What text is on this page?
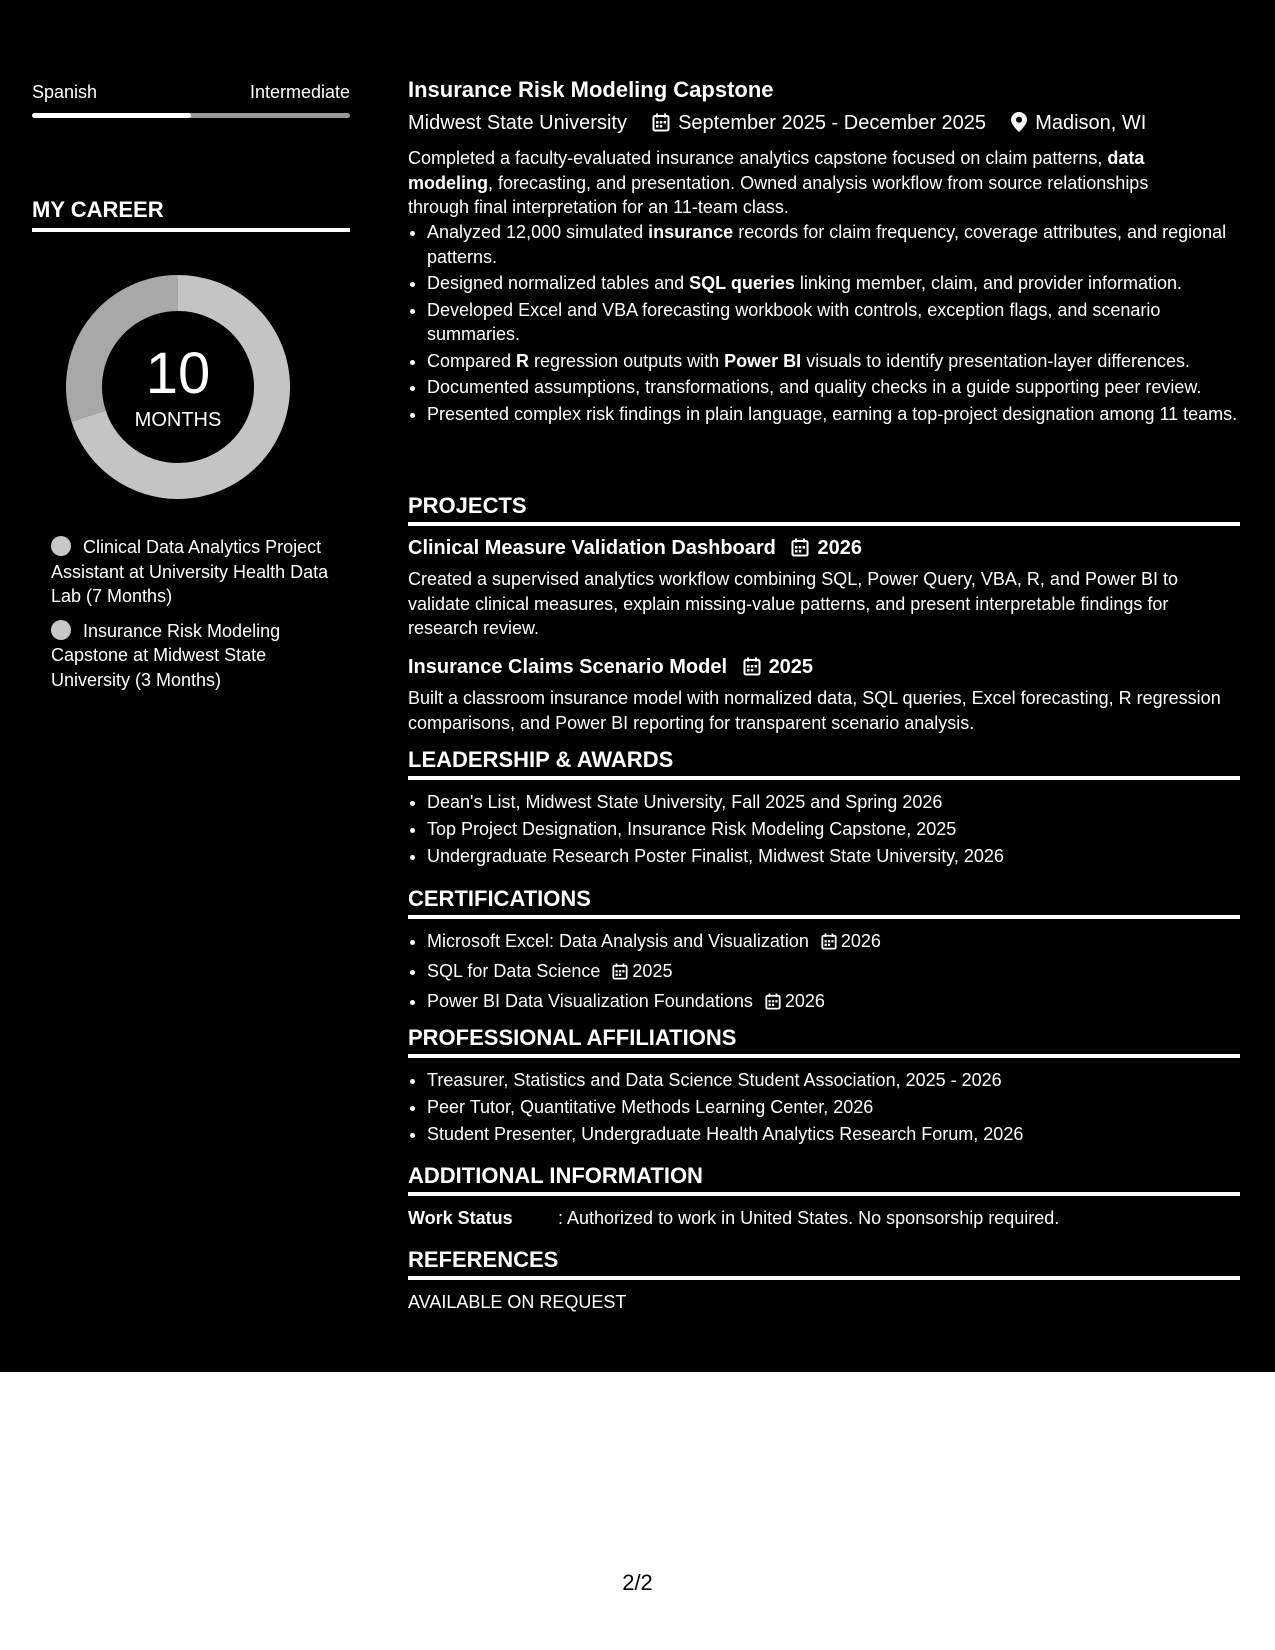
Spanish	Intermediate
MY CAREER
10
MONTHS
Clinical Data Analytics Project Assistant at University Health Data Lab (7 Months)
Insurance Risk Modeling Capstone at Midwest State University (3 Months)
Insurance Risk Modeling Capstone
Midwest State University	September 2025 - December 2025 Madison, WI
Completed a faculty-evaluated insurance analytics capstone focused on claim patterns, data modeling, forecasting, and presentation. Owned analysis workflow from source relationships through final interpretation for an 11-team class.
• Analyzed 12,000 simulated insurance records for claim frequency, coverage attributes, and regional patterns.
• Designed normalized tables and SQL queries linking member, claim, and provider information.
• Developed Excel and VBA forecasting workbook with controls, exception flags, and scenario summaries.
• Compared R regression outputs with Power BI visuals to identify presentation-layer differences.
• Documented assumptions, transformations, and quality checks in a guide supporting peer review.
• Presented complex risk findings in plain language, earning a top-project designation among 11 teams.
PROJECTS
Clinical Measure Validation Dashboard 2026
Created a supervised analytics workflow combining SQL, Power Query, VBA, R, and Power BI to validate clinical measures, explain missing-value patterns, and present interpretable findings for research review.
Insurance Claims Scenario Model 2025
Built a classroom insurance model with normalized data, SQL queries, Excel forecasting, R regression comparisons, and Power BI reporting for transparent scenario analysis.
LEADERSHIP & AWARDS
• Dean's List, Midwest State University, Fall 2025 and Spring 2026
• Top Project Designation, Insurance Risk Modeling Capstone, 2025
• Undergraduate Research Poster Finalist, Midwest State University, 2026
CERTIFICATIONS
• Microsoft Excel: Data Analysis and Visualization 2026
• SQL for Data Science 2025
• Power BI Data Visualization Foundations 2026
PROFESSIONAL AFFILIATIONS
• Treasurer, Statistics and Data Science Student Association, 2025 - 2026
• Peer Tutor, Quantitative Methods Learning Center, 2026
• Student Presenter, Undergraduate Health Analytics Research Forum, 2026
ADDITIONAL INFORMATION
Work Status	: Authorized to work in United States. No sponsorship required.
REFERENCES
AVAILABLE ON REQUEST
2/2
